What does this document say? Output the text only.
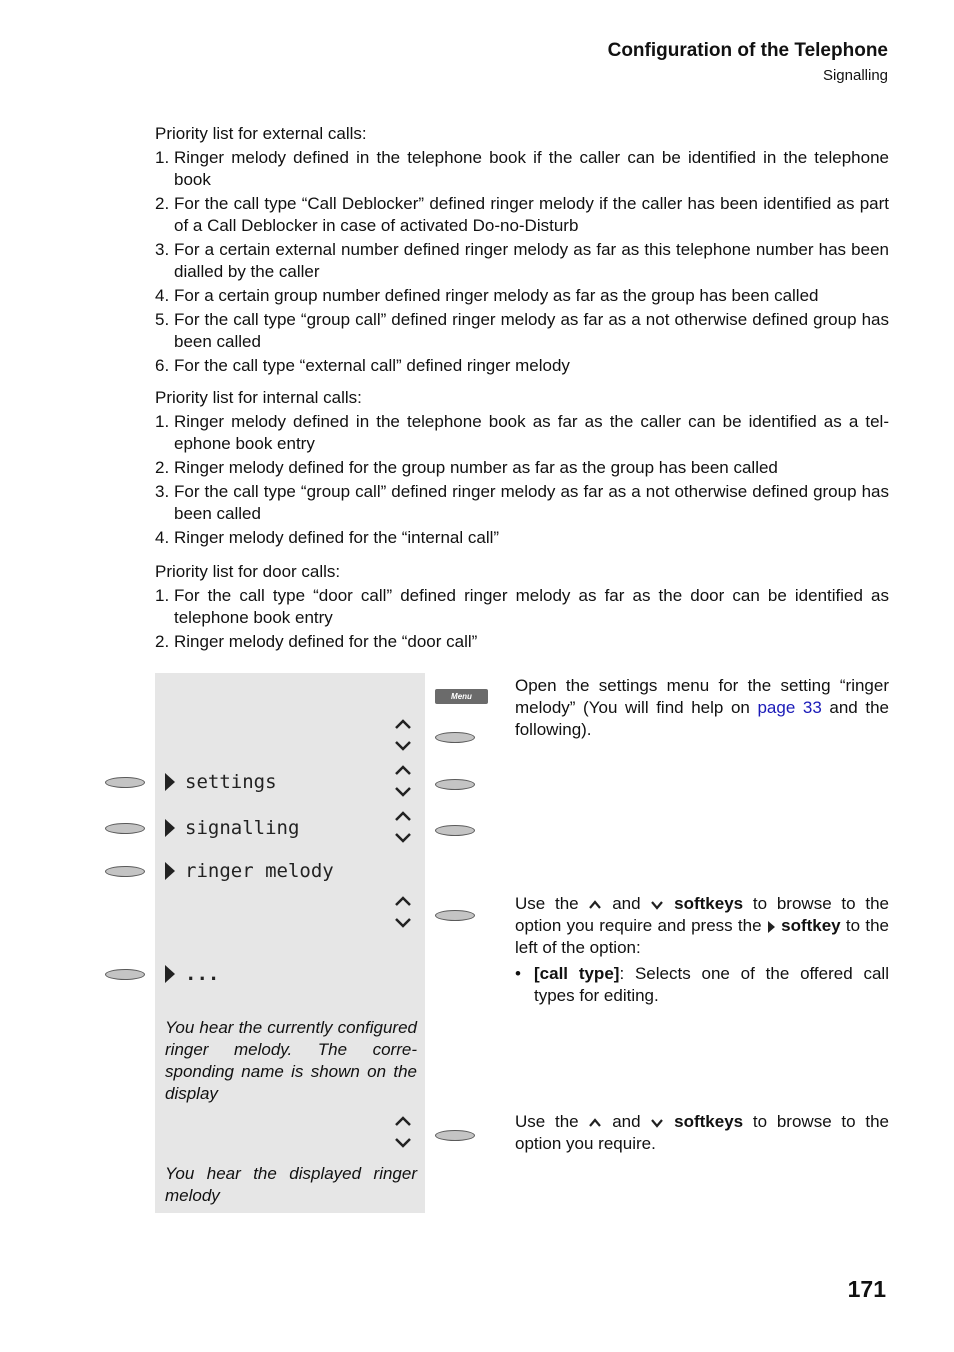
Configuration of the Telephone
Signalling
Priority list for external calls:
1. Ringer melody defined in the telephone book if the caller can be identified in the telephone book
2. For the call type “Call Deblocker” defined ringer melody if the caller has been identified as part of a Call Deblocker in case of activated Do-no-Disturb
3. For a certain external number defined ringer melody as far as this telephone number has been dialled by the caller
4. For a certain group number defined ringer melody as far as the group has been called
5. For the call type “group call” defined ringer melody as far as a not otherwise defined group has been called
6. For the call type “external call” defined ringer melody
Priority list for internal calls:
1. Ringer melody defined in the telephone book as far as the caller can be identified as a telephone book entry
2. Ringer melody defined for the group number as far as the group has been called
3. For the call type “group call” defined ringer melody as far as a not otherwise defined group has been called
4. Ringer melody defined for the “internal call”
Priority list for door calls:
1. For the call type “door call” defined ringer melody as far as the door can be identified as telephone book entry
2. Ringer melody defined for the “door call”
Menu
settings
signalling
ringer melody
...
You hear the currently configured ringer melody. The corresponding name is shown on the display
You hear the displayed ringer melody
Open the settings menu for the setting “ringer melody” (You will find help on page 33 and the following).
Use the and softkeys to browse to the option you require and press the softkey to the left of the option:
• [call type]: Selects one of the offered call types for editing.
Use the and softkeys to browse to the option you require.
171
